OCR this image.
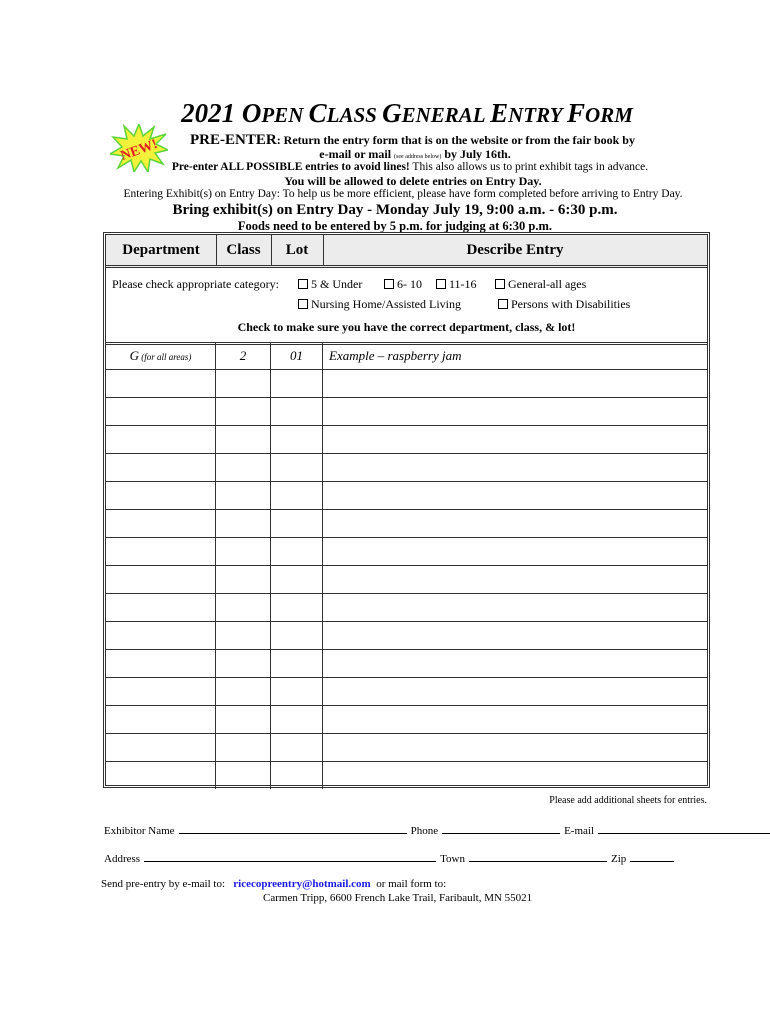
2021 OPEN CLASS GENERAL ENTRY FORM
NEW! PRE-ENTER: Return the entry form that is on the website or from the fair book by
e-mail or mail (see address below) by July 16th.
Pre-enter ALL POSSIBLE entries to avoid lines! This also allows us to print exhibit tags in advance.
You will be allowed to delete entries on Entry Day.
Entering Exhibit(s) on Entry Day: To help us be more efficient, please have form completed before arriving to Entry Day.
Bring exhibit(s) on Entry Day - Monday July 19, 9:00 a.m. - 6:30 p.m.
Foods need to be entered by 5 p.m. for judging at 6:30 p.m.
Department	Class	Lot	Describe Entry
Please check appropriate category:	5 & Under	6- 10	11-16	General-all ages
Nursing Home/Assisted Living	Persons with Disabilities
Check to make sure you have the correct department, class, & lot!
G (for all areas)	2	01	Example – raspberry jam
Please add additional sheets for entries.
Exhibitor Name	Phone	E-mail
Address	Town	Zip
Send pre-entry by e-mail to: ricecopreentry@hotmail.com or mail form to:
Carmen Tripp, 6600 French Lake Trail, Faribault, MN 55021
